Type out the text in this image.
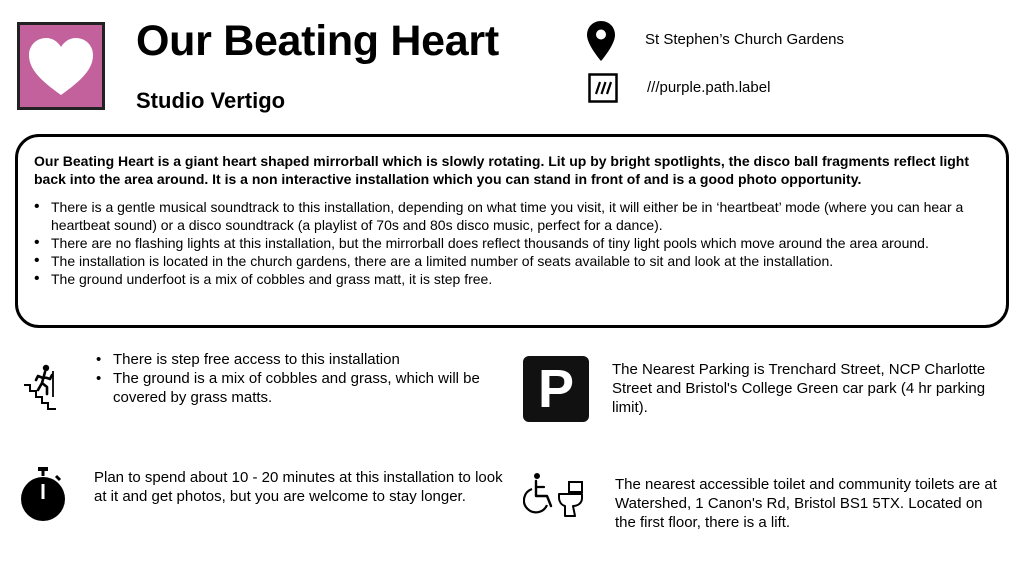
Our Beating Heart
Studio Vertigo
St Stephen’s Church Gardens
///purple.path.label

Our Beating Heart is a giant heart shaped mirrorball which is slowly rotating. Lit up by bright spotlights, the disco ball fragments reflect light back into the area around. It is a non interactive installation which you can stand in front of and is a good photo opportunity.

• There is a gentle musical soundtrack to this installation, depending on what time you visit, it will either be in ‘heartbeat’ mode (where you can hear a heartbeat sound) or a disco soundtrack (a playlist of 70s and 80s disco music, perfect for a dance).
• There are no flashing lights at this installation, but the mirrorball does reflect thousands of tiny light pools which move around the area around.
• The installation is located in the church gardens, there are a limited number of seats available to sit and look at the installation.
• The ground underfoot is a mix of cobbles and grass matt, it is step free.
• There is step free access to this installation
• The ground is a mix of cobbles and grass, which will be covered by grass matts.	P	The Nearest Parking is Trenchard Street, NCP Charlotte Street and Bristol's College Green car park (4 hr parking limit).
Plan to spend about 10 - 20 minutes at this installation to look at it and get photos, but you are welcome to stay longer.
The nearest accessible toilet and community toilets are at Watershed, 1 Canon's Rd, Bristol BS1 5TX. Located on the first floor, there is a lift.
